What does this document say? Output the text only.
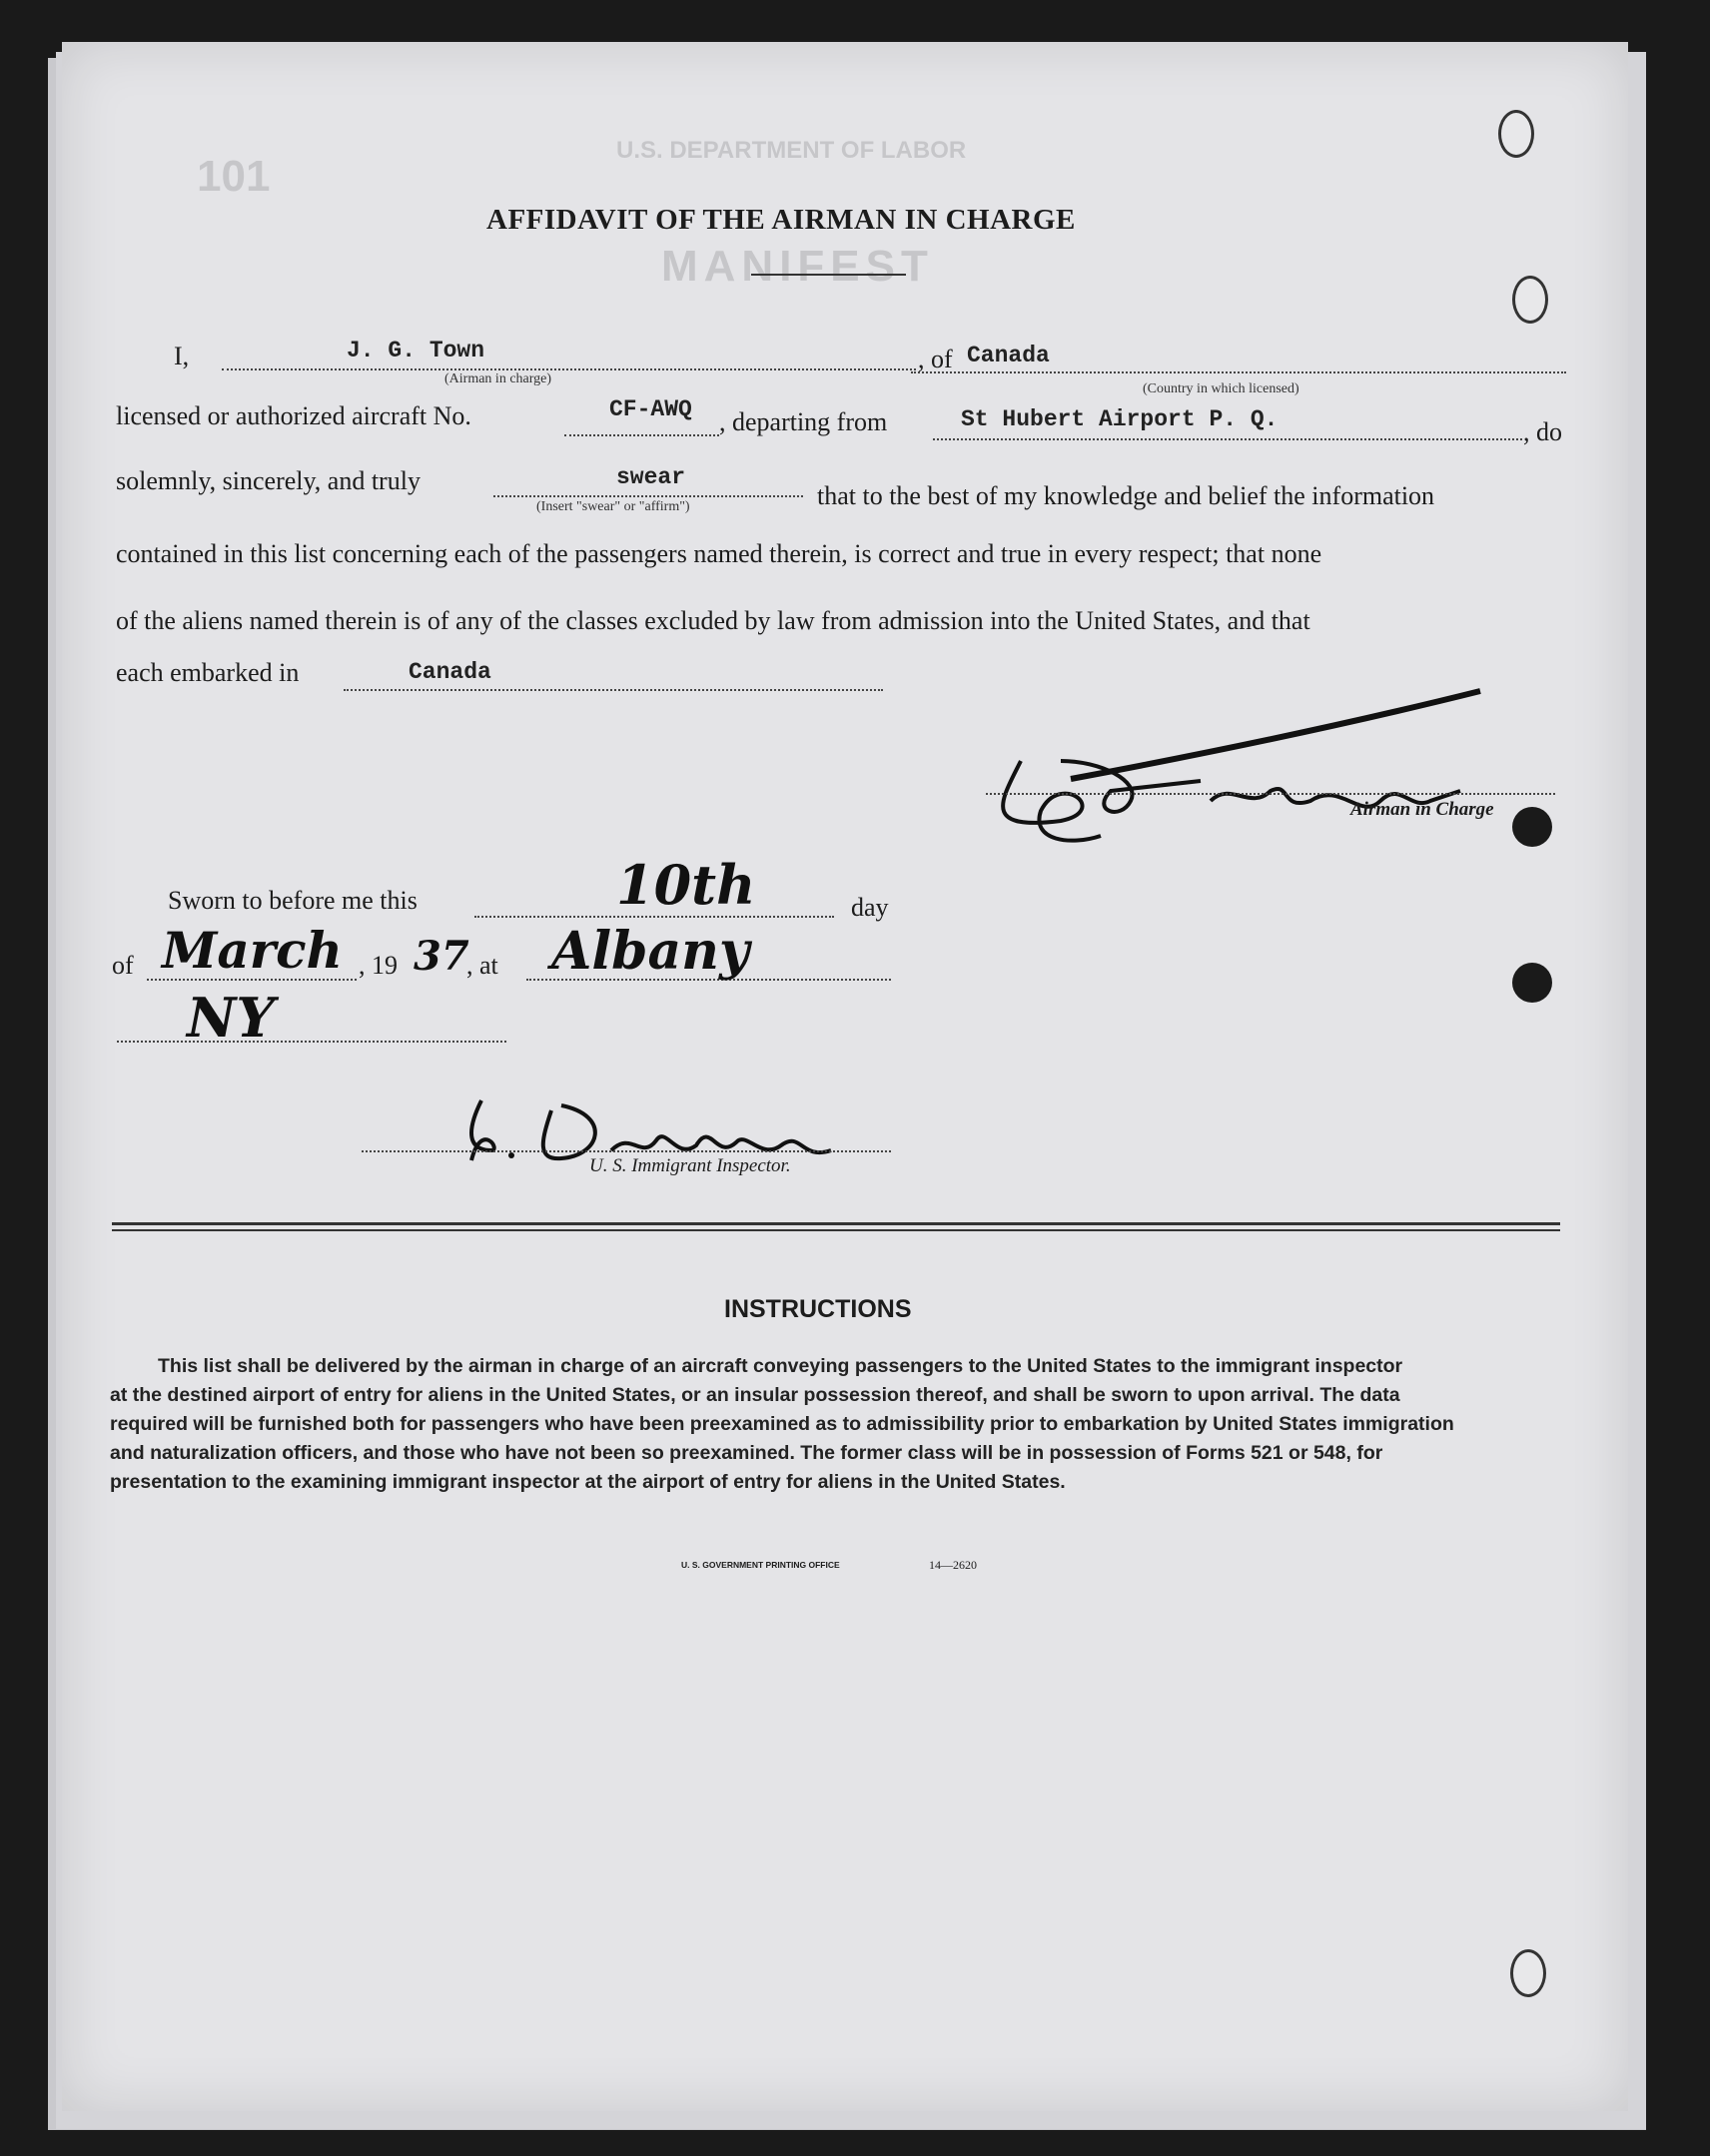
U.S. DEPARTMENT OF LABOR
MANIFEST
101
AFFIDAVIT OF THE AIRMAN IN CHARGE
I,	J. G. Town
(Airman in charge)
, of Canada
(Country in which licensed)
licensed or authorized aircraft No.	CF-AWQ , departing from	St Hubert Airport P. Q.	, do
solemnly, sincerely, and truly	swear
(Insert "swear" or "affirm")	that to the best of my knowledge and belief the information
contained in this list concerning each of the passengers named therein, is correct and true in every respect; that none
of the aliens named therein is of any of the classes excluded by law from admission into the United States, and that
each embarked in	Canada
Airman in Charge
Sworn to before me this	10th	day
of March , 19 37
, at Albany
NY
U. S. Immigrant Inspector.
INSTRUCTIONS
This list shall be delivered by the airman in charge of an aircraft conveying passengers to the United States to the immigrant inspector
at the destined airport of entry for aliens in the United States, or an insular possession thereof, and shall be sworn to upon arrival. The data
required will be furnished both for passengers who have been preexamined as to admissibility prior to embarkation by United States immigration
and naturalization officers, and those who have not been so preexamined. The former class will be in possession of Forms 521 or 548, for
presentation to the examining immigrant inspector at the airport of entry for aliens in the United States.
U. S. GOVERNMENT PRINTING OFFICE	14—2620
